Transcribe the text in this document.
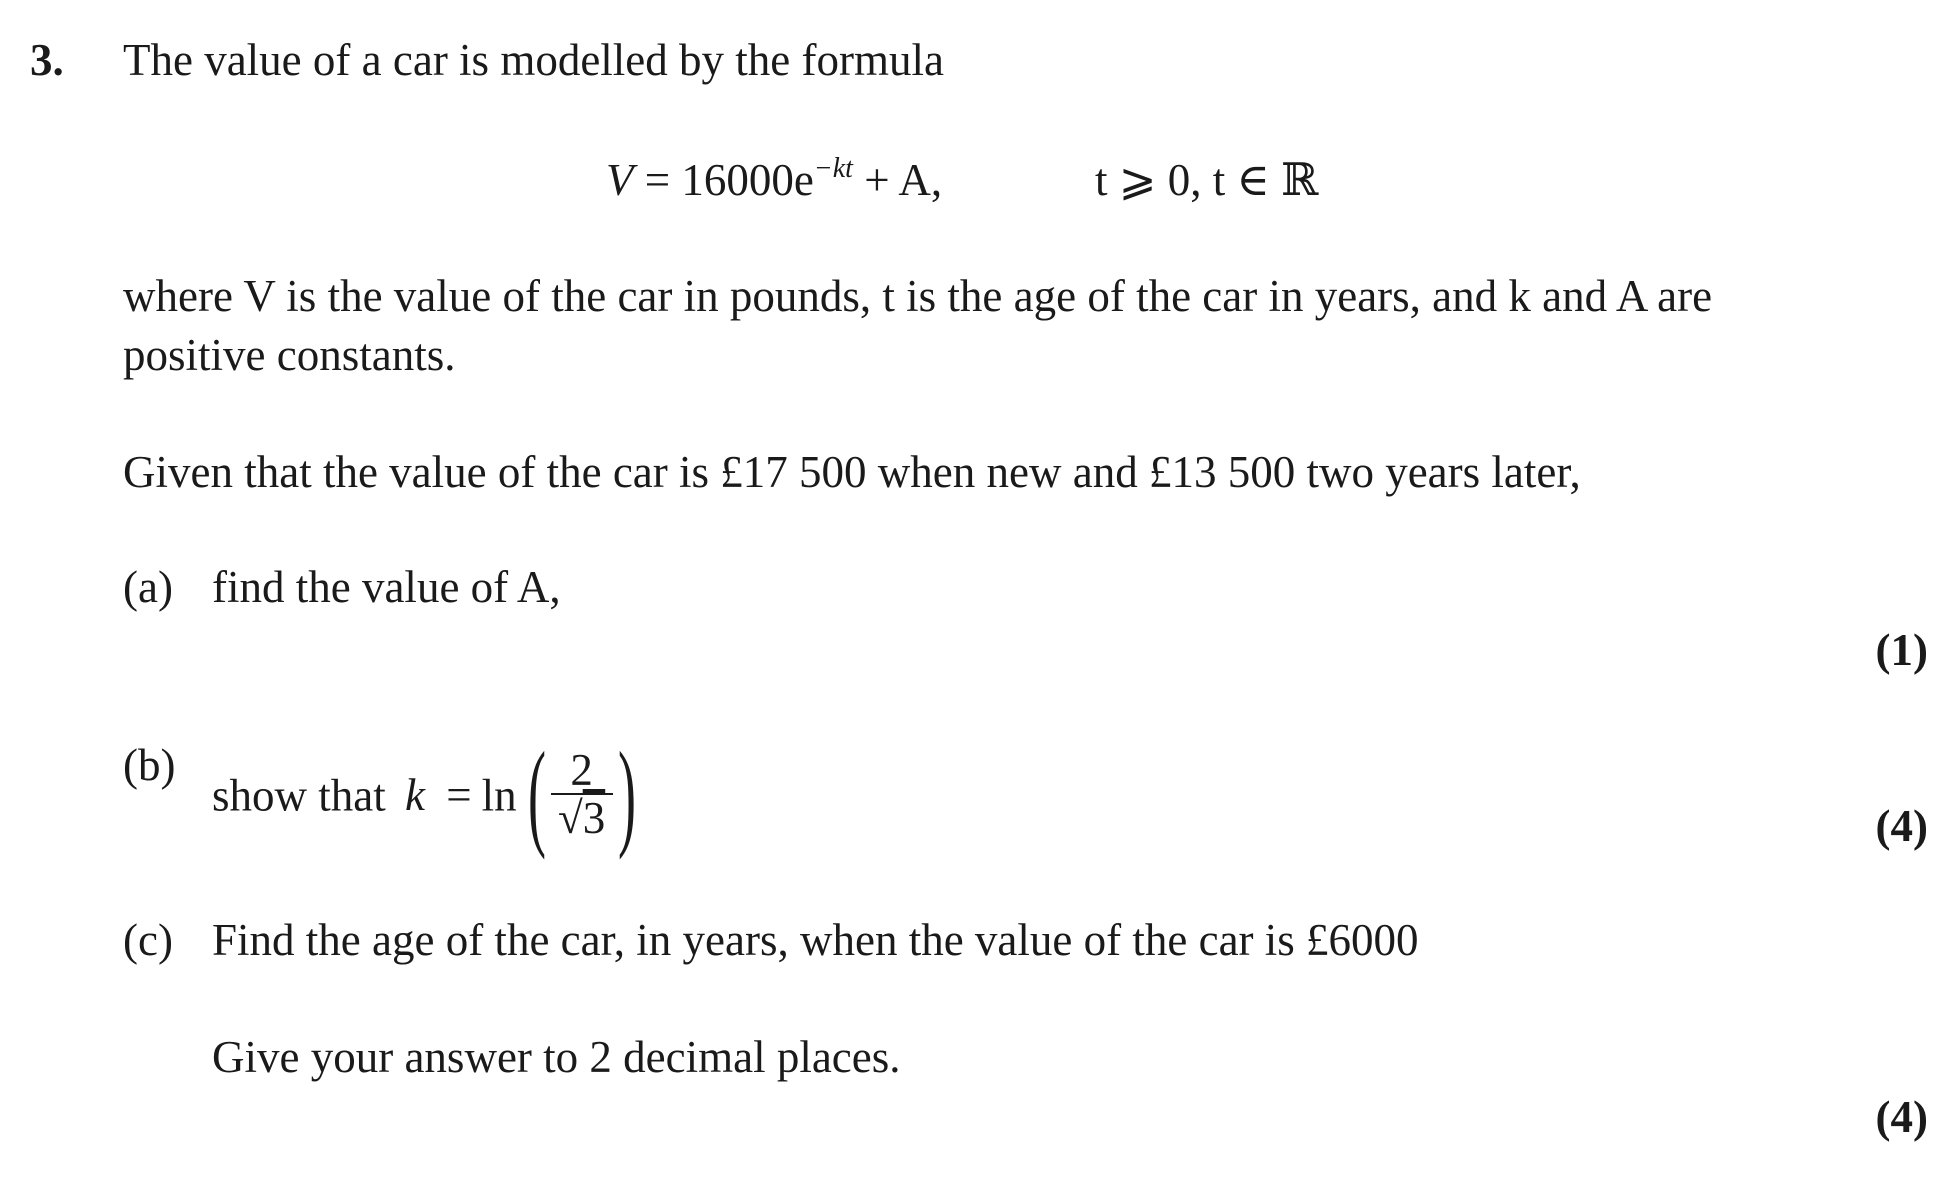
3. The value of a car is modelled by the formula
$V = 16000e^{-kt} + A$,	t ⩾ 0, t ∈ ℝ
where V is the value of the car in pounds, t is the age of the car in years, and k and A are
positive constants.
Given that the value of the car is £17 500 when new and £13 500 two years later,
(a) find the value of A,
(1)
(b)
show that k = ln ( $\frac{2}{√3}$ )	(4)
(c) Find the age of the car, in years, when the value of the car is £6000
Give your answer to 2 decimal places.
(4)
